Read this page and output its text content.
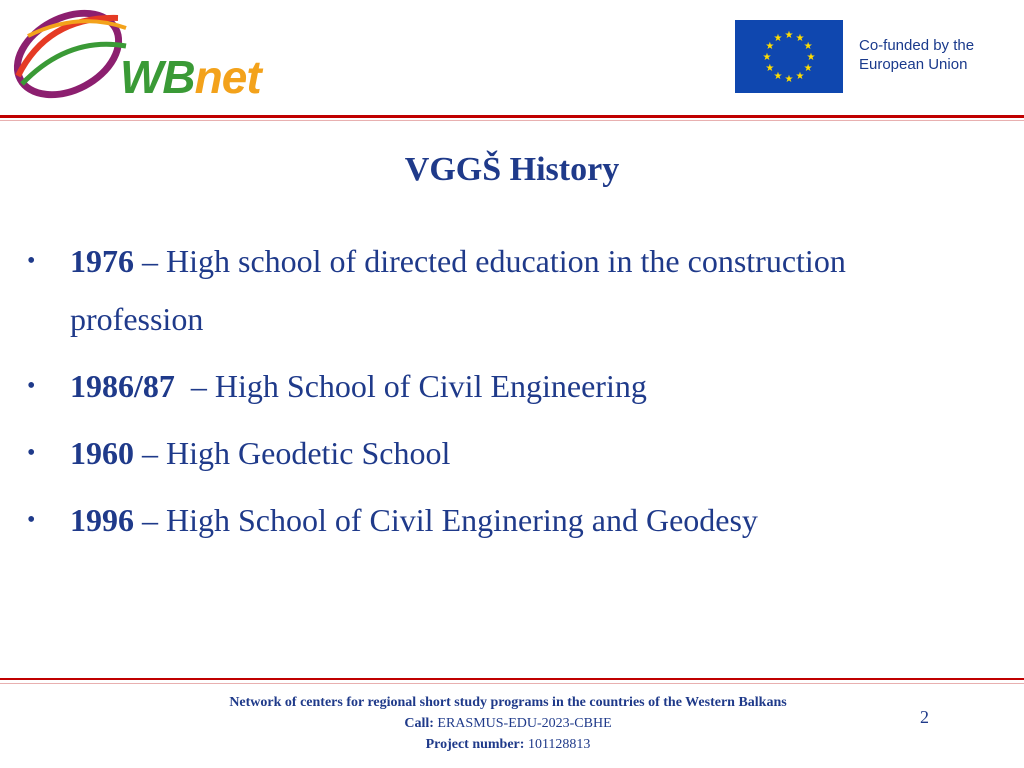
WBnet
★ ★
★
★
★
★
★
★
★
★
★
★	Co-funded by the
European Union
VGGŠ History
• 1976 – High school of directed education in the construction profession
• 1986/87  – High School of Civil Engineering
• 1960 – High Geodetic School
• 1996 – High School of Civil Enginering and Geodesy
Network of centers for regional short study programs in the countries of the Western Balkans
Call: ERASMUS-EDU-2023-CBHE
Project number: 101128813
2
